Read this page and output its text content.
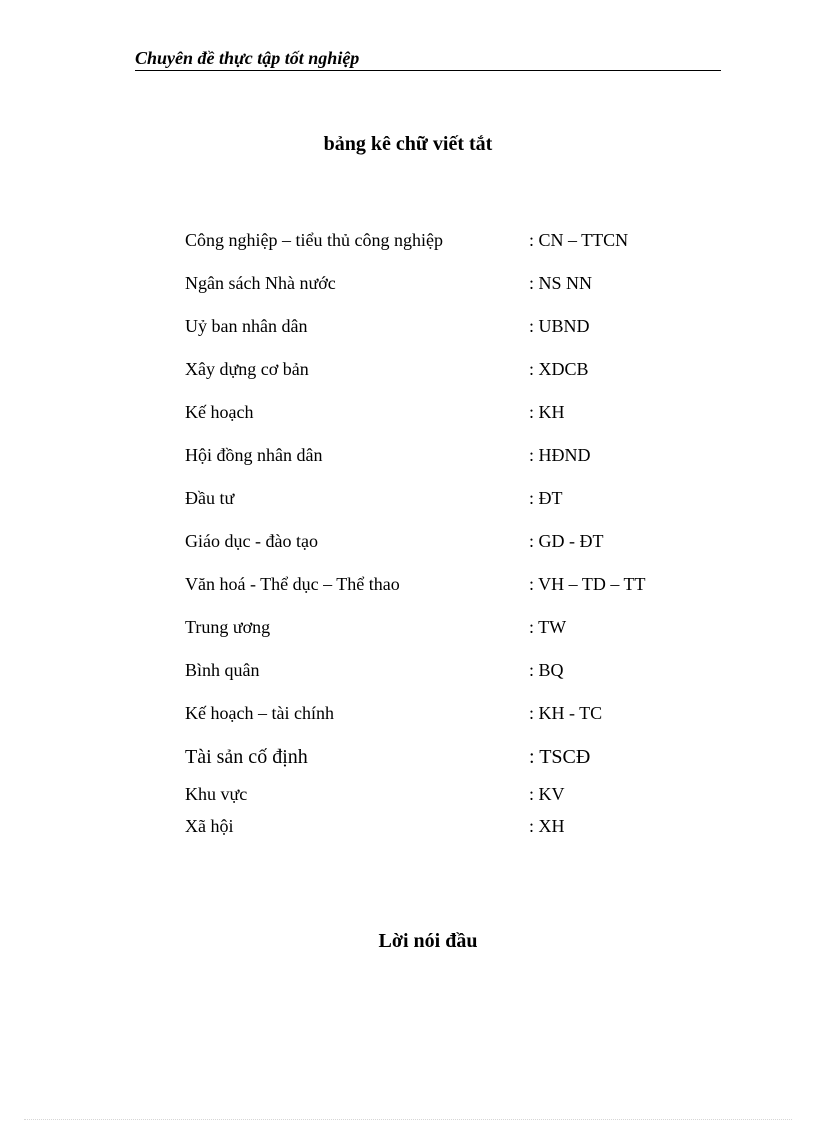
Chuyên đề thực tập tốt nghiệp
bảng kê chữ viết tắt
Công nghiệp – tiểu thủ công nghiệp	: CN – TTCN
Ngân sách Nhà nước	: NS NN
Uỷ ban nhân dân	: UBND
Xây dựng cơ bản	: XDCB
Kế hoạch	: KH
Hội đồng nhân dân	: HĐND
Đầu tư	: ĐT
Giáo dục - đào tạo	: GD - ĐT
Văn hoá - Thể dục – Thể thao	: VH – TD – TT
Trung ương	: TW
Bình quân	: BQ
Kế hoạch – tài chính	: KH - TC
Tài sản cố định	: TSCĐ
Khu vực	: KV
Xã hội	: XH
Lời nói đầu
